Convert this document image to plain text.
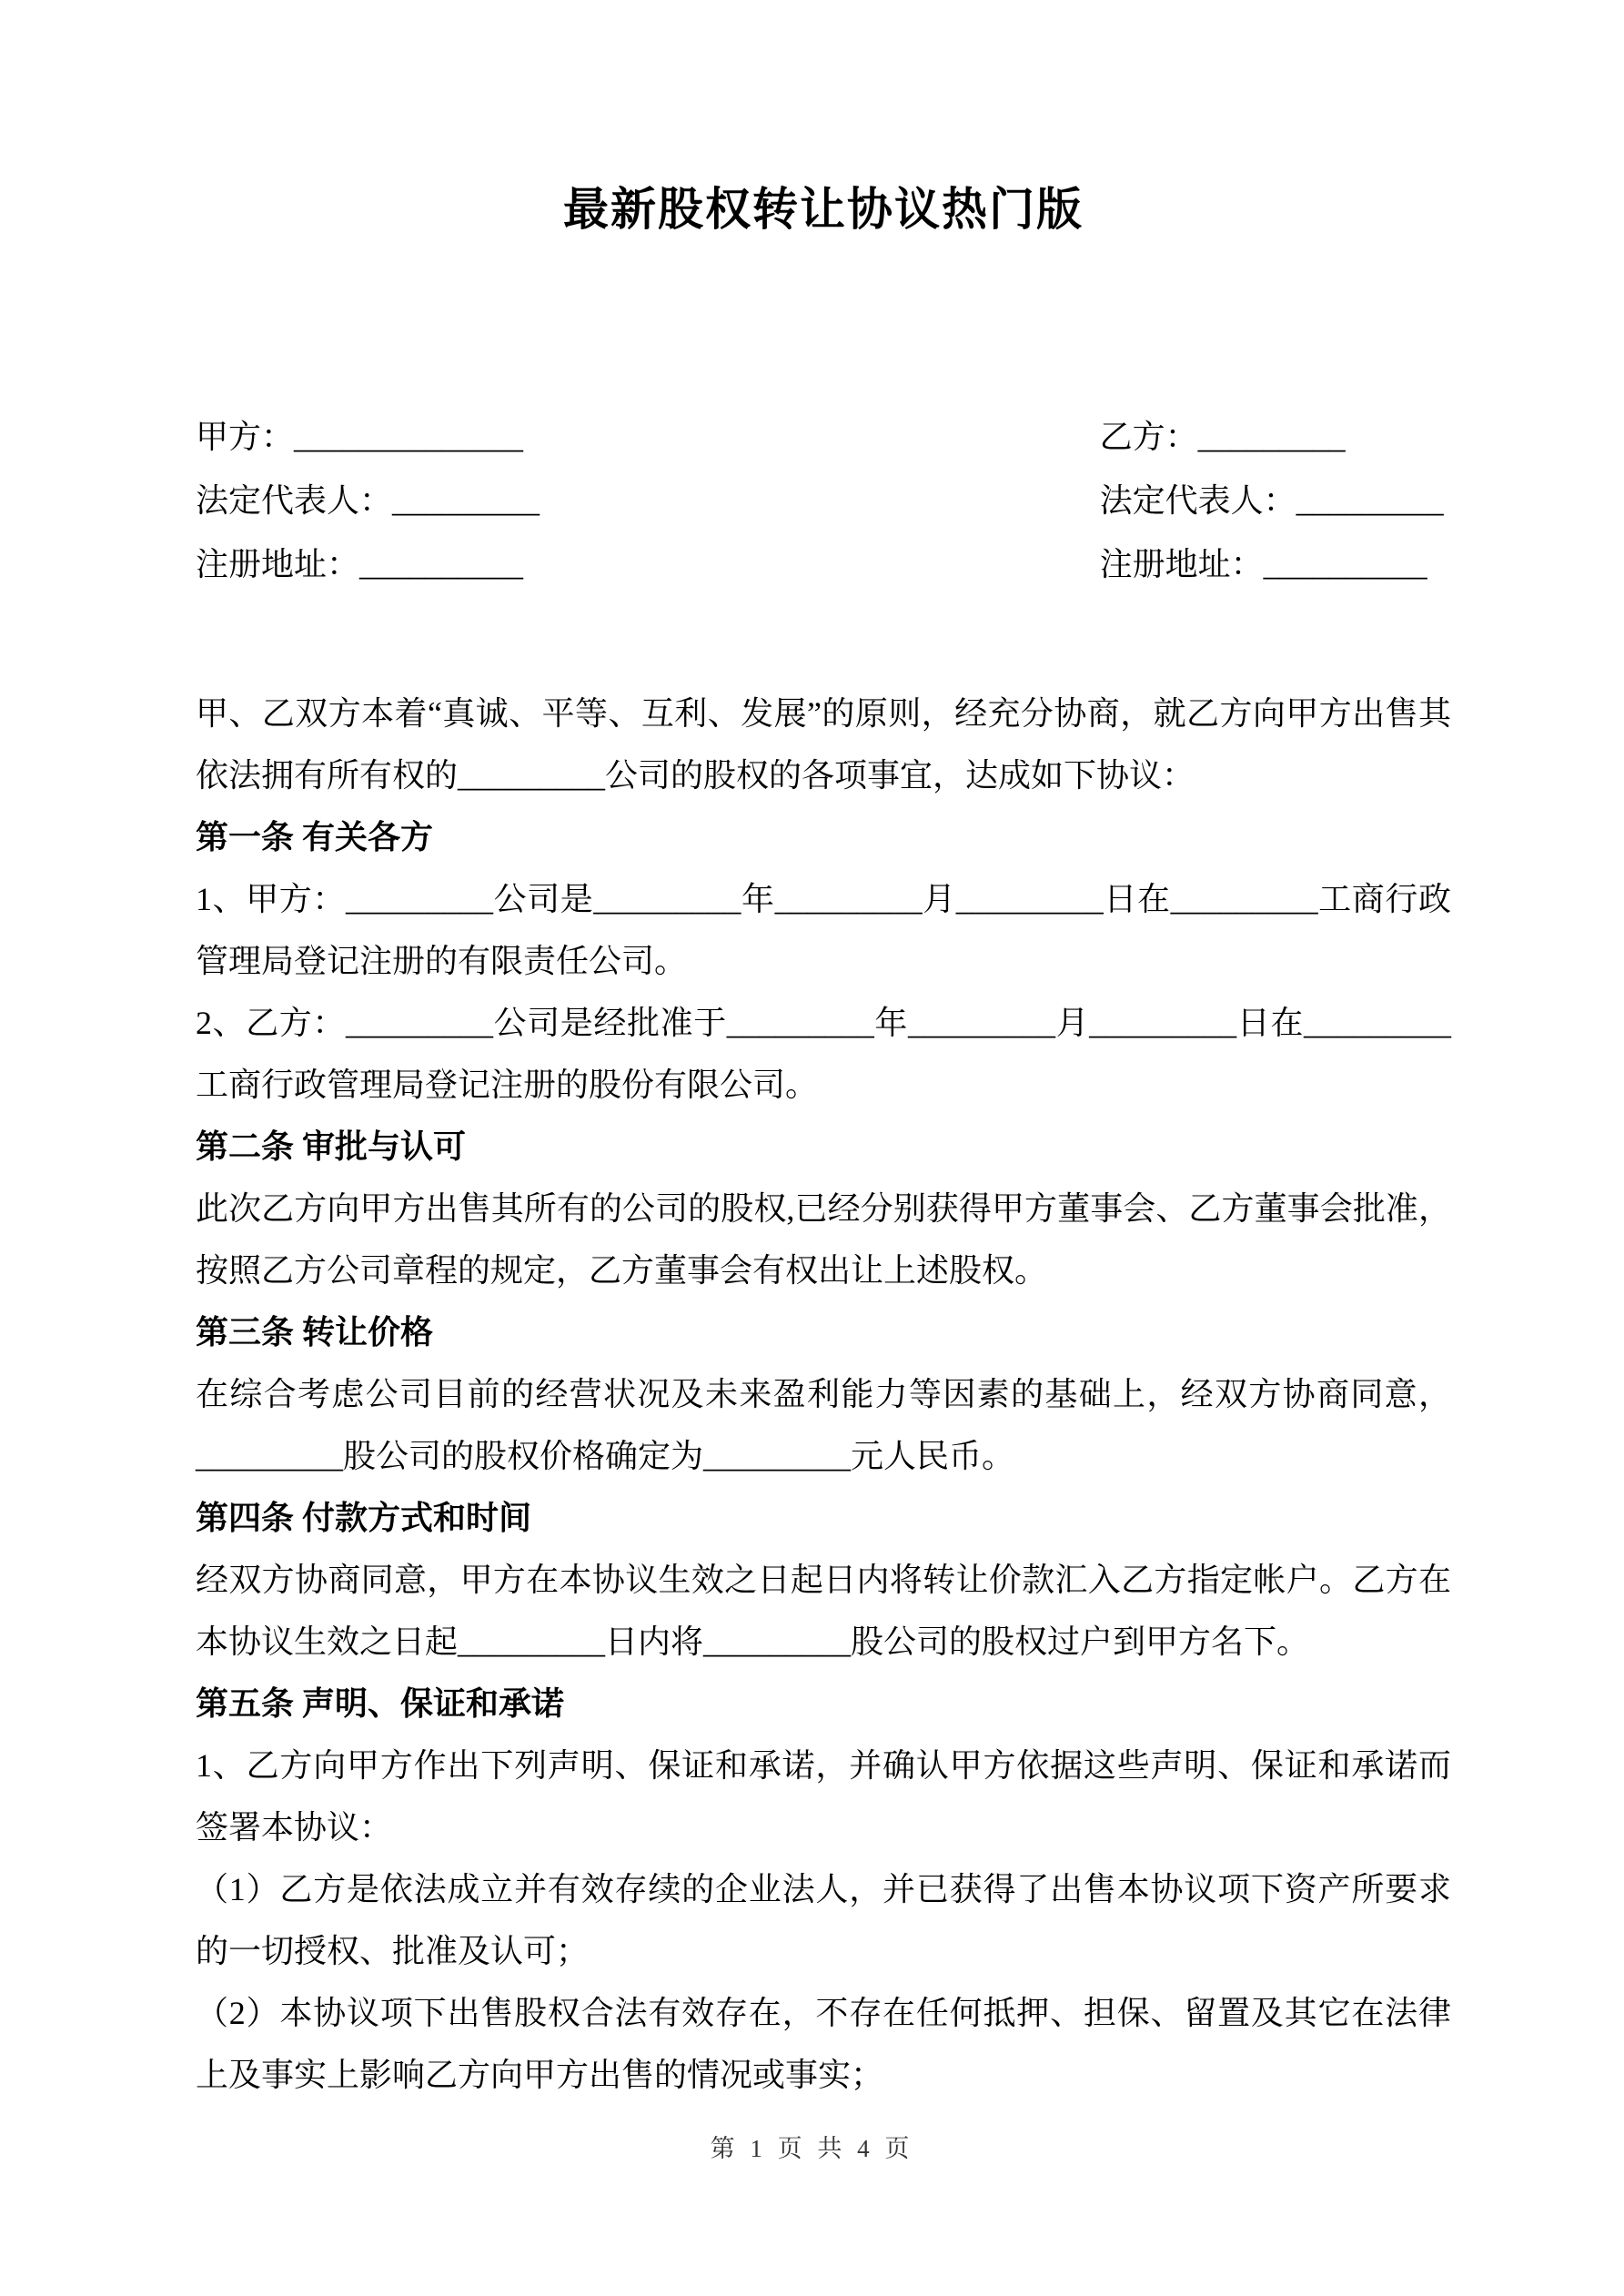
最新股权转让协议热门版
甲方：______________	乙方：_________
法定代表人：_________	法定代表人：_________
注册地址：__________	注册地址：__________

甲、乙双方本着“真诚、平等、互利、发展”的原则，经充分协商，就乙方向甲方出售其依法拥有所有权的_________公司的股权的各项事宜，达成如下协议：

第一条 有关各方

1、甲方：_________公司是_________年_________月_________日在_________工商行政管理局登记注册的有限责任公司。

2、乙方：_________公司是经批准于_________年_________月_________日在_________工商行政管理局登记注册的股份有限公司。

第二条 审批与认可

此次乙方向甲方出售其所有的公司的股权,已经分别获得甲方董事会、乙方董事会批准，按照乙方公司章程的规定，乙方董事会有权出让上述股权。

第三条 转让价格

在综合考虑公司目前的经营状况及未来盈利能力等因素的基础上，经双方协商同意，_________股公司的股权价格确定为_________元人民币。

第四条 付款方式和时间

经双方协商同意，甲方在本协议生效之日起日内将转让价款汇入乙方指定帐户。乙方在本协议生效之日起_________日内将_________股公司的股权过户到甲方名下。

第五条 声明、保证和承诺

1、乙方向甲方作出下列声明、保证和承诺，并确认甲方依据这些声明、保证和承诺而签署本协议：

（1）乙方是依法成立并有效存续的企业法人，并已获得了出售本协议项下资产所要求的一切授权、批准及认可；

（2）本协议项下出售股权合法有效存在，不存在任何抵押、担保、留置及其它在法律上及事实上影响乙方向甲方出售的情况或事实；

第 1 页 共 4 页
